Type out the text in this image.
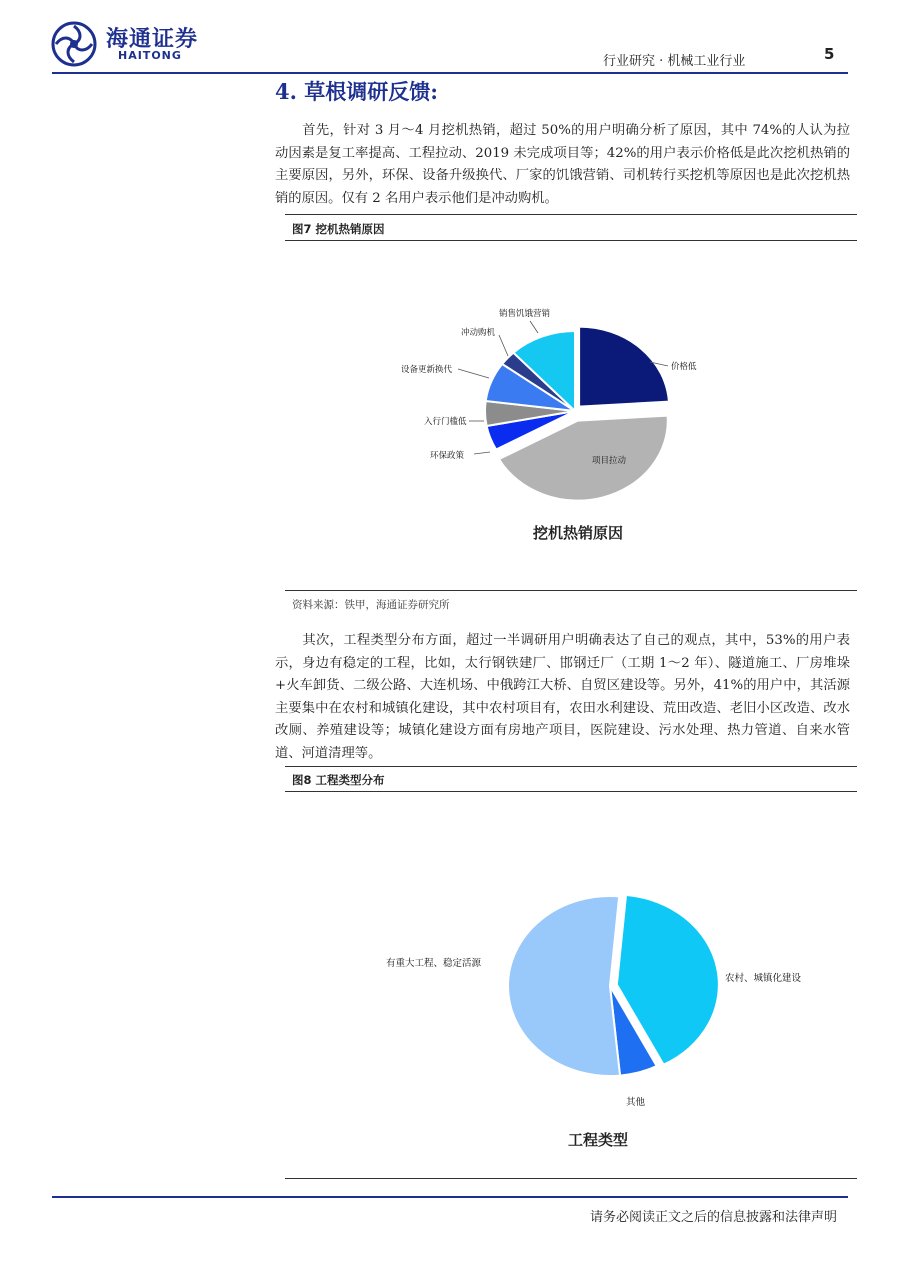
海通证券
HAITONG	行业研究 · 机械工业行业	5
4. 草根调研反馈:
首先，针对 3 月～4 月挖机热销，超过 50%的用户明确分析了原因，其中 74%的人认为拉动因素是复工率提高、工程拉动、2019 未完成项目等；42%的用户表示价格低是此次挖机热销的主要原因，另外，环保、设备升级换代、厂家的饥饿营销、司机转行买挖机等原因也是此次挖机热销的原因。仅有 2 名用户表示他们是冲动购机。
图7 挖机热销原因
价格低
项目拉动
环保政策
入行门槛低
设备更新换代
冲动购机
销售饥饿营销
挖机热销原因
资料来源：铁甲，海通证券研究所
其次，工程类型分布方面，超过一半调研用户明确表达了自己的观点，其中，53%的用户表示，身边有稳定的工程，比如，太行钢铁建厂、邯钢迁厂（工期 1～2 年）、隧道施工、厂房堆垛+火车卸货、二级公路、大连机场、中俄跨江大桥、自贸区建设等。另外，41%的用户中，其活源主要集中在农村和城镇化建设，其中农村项目有，农田水利建设、荒田改造、老旧小区改造、改水改厕、养殖建设等；城镇化建设方面有房地产项目，医院建设、污水处理、热力管道、自来水管道、河道清理等。
图8 工程类型分布
农村、城镇化建设
其他
有重大工程、稳定活源
工程类型
请务必阅读正文之后的信息披露和法律声明
